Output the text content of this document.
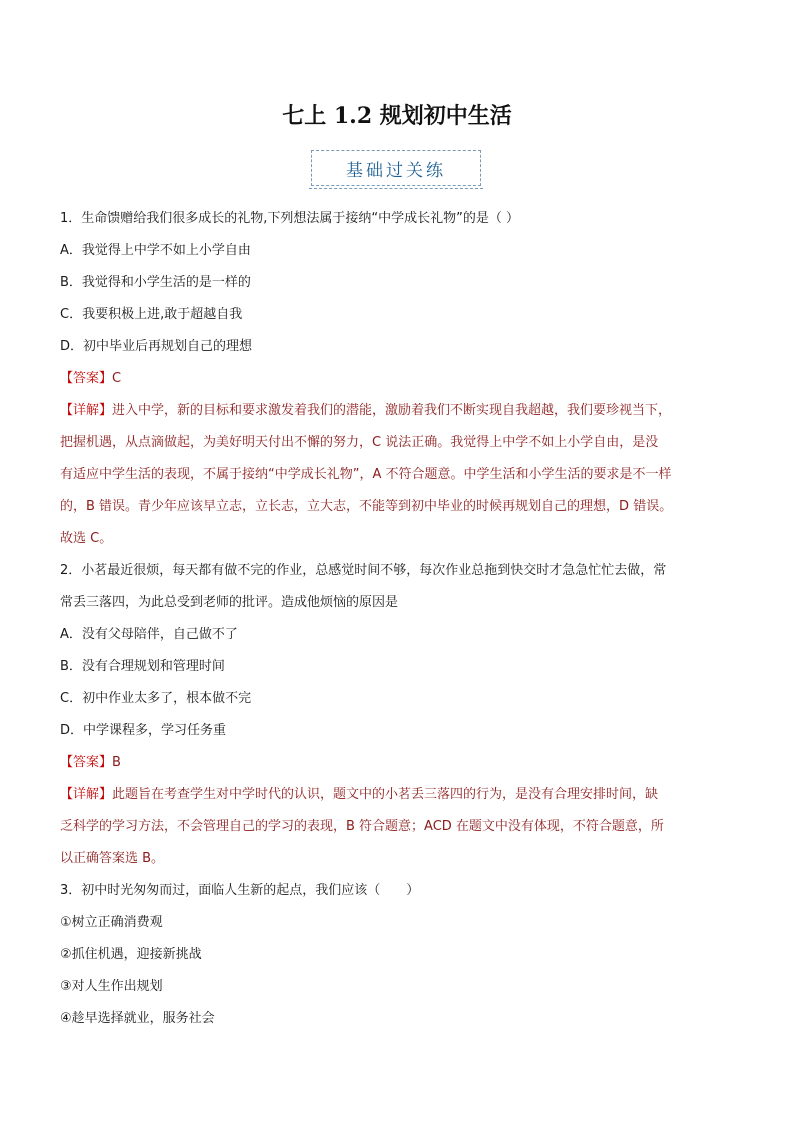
七上 1.2 规划初中生活
基础过关练
1．生命馈赠给我们很多成长的礼物,下列想法属于接纳“中学成长礼物”的是（ ）
A．我觉得上中学不如上小学自由
B．我觉得和小学生活的是一样的
C．我要积极上进,敢于超越自我
D．初中毕业后再规划自己的理想
【答案】C
【详解】进入中学，新的目标和要求激发着我们的潜能，激励着我们不断实现自我超越，我们要珍视当下，
把握机遇，从点滴做起，为美好明天付出不懈的努力，C 说法正确。我觉得上中学不如上小学自由，是没
有适应中学生活的表现，不属于接纳“中学成长礼物”，A 不符合题意。中学生活和小学生活的要求是不一样
的，B 错误。青少年应该早立志，立长志，立大志，不能等到初中毕业的时候再规划自己的理想，D 错误。
故选 C。
2．小茗最近很烦，每天都有做不完的作业，总感觉时间不够，每次作业总拖到快交时才急急忙忙去做，常
常丢三落四，为此总受到老师的批评。造成他烦恼的原因是
A．没有父母陪伴，自己做不了
B．没有合理规划和管理时间
C．初中作业太多了，根本做不完
D．中学课程多，学习任务重
【答案】B
【详解】此题旨在考查学生对中学时代的认识，题文中的小茗丢三落四的行为，是没有合理安排时间，缺
乏科学的学习方法，不会管理自己的学习的表现，B 符合题意；ACD 在题文中没有体现，不符合题意，所
以正确答案选 B。
3．初中时光匆匆而过，面临人生新的起点，我们应该（　　）
①树立正确消费观
②抓住机遇，迎接新挑战
③对人生作出规划
④趁早选择就业，服务社会
